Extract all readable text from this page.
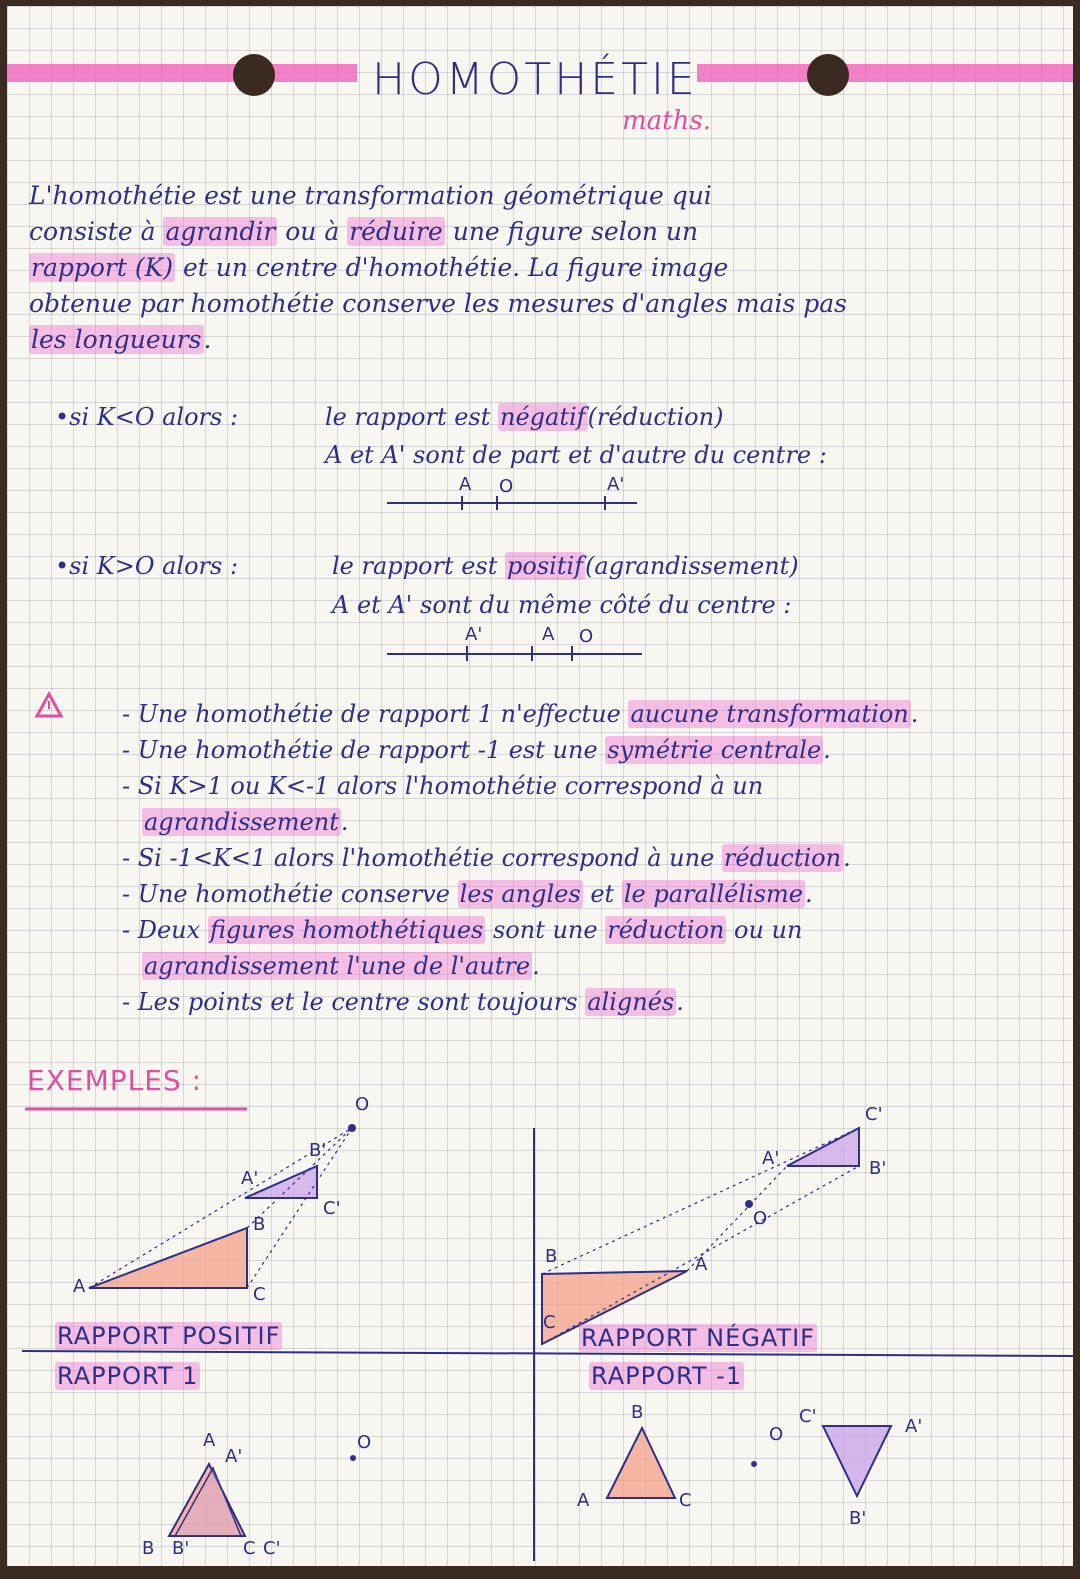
HOMOTHÉTIE
maths.
L'homothétie est une transformation géométrique qui
consiste à agrandir ou à réduire une figure selon un
rapport (K) et un centre d'homothétie. La figure image
obtenue par homothétie conserve les mesures d'angles mais pas
les longueurs.
•si K<O alors :	le rapport est négatif(réduction)
A et A' sont de part et d'autre du centre :
A O	A'
•si K>O alors :	le rapport est positif(agrandissement)
A et A' sont du même côté du centre :
A'	A O
- Une homothétie de rapport 1 n'effectue aucune transformation.
- Une homothétie de rapport -1 est une symétrie centrale.
- Si K>1 ou K<-1 alors l'homothétie correspond à un
agrandissement.
- Si -1<K<1 alors l'homothétie correspond à une réduction.
- Une homothétie conserve les angles et le parallélisme.
- Deux figures homothétiques sont une réduction ou un
agrandissement l'une de l'autre.
- Les points et le centre sont toujours alignés.
EXEMPLES :
A
B
C
A'
B'
C'
O
RAPPORT POSITIF
B	A
C
A'
C'
B'
O
RAPPORT NÉGATIF
RAPPORT 1
A
A'
B B'	C C'
O
RAPPORT -1
B
A	C
O
C'	A'
B'
